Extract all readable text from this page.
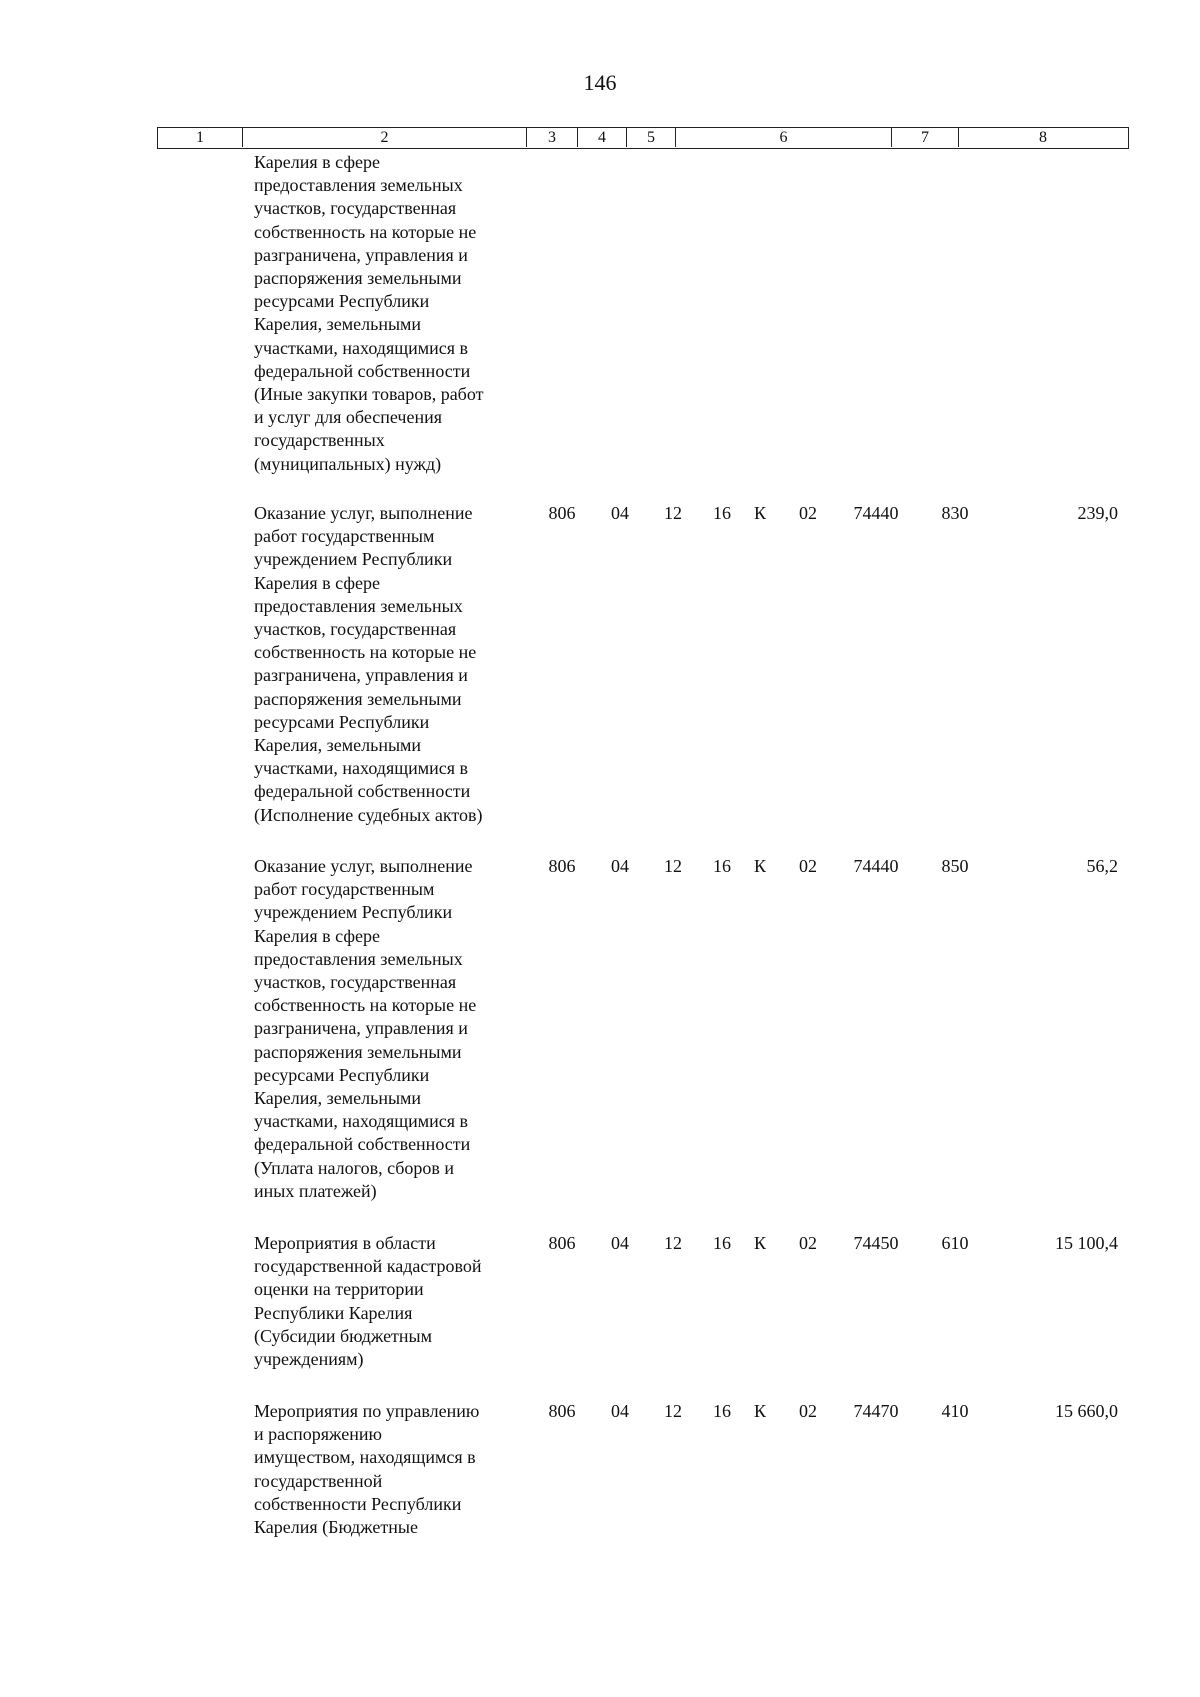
146
1	2	3	4	5	6	7	8
Карелия в сфере
предоставления земельных
участков, государственная
собственность на которые не
разграничена, управления и
распоряжения земельными
ресурсами Республики
Карелия, земельными
участками, находящимися в
федеральной собственности
(Иные закупки товаров, работ
и услуг для обеспечения
государственных
(муниципальных) нужд)
Оказание услуг, выполнение
работ государственным
учреждением Республики
Карелия в сфере
предоставления земельных
участков, государственная
собственность на которые не
разграничена, управления и
распоряжения земельными
ресурсами Республики
Карелия, земельными
участками, находящимися в
федеральной собственности
(Исполнение судебных актов)
806	04	12 16 К 02	74440	830	239,0
Оказание услуг, выполнение
работ государственным
учреждением Республики
Карелия в сфере
предоставления земельных
участков, государственная
собственность на которые не
разграничена, управления и
распоряжения земельными
ресурсами Республики
Карелия, земельными
участками, находящимися в
федеральной собственности
(Уплата налогов, сборов и
иных платежей)
806	04	12 16 К 02	74440	850	56,2
Мероприятия в области
государственной кадастровой
оценки на территории
Республики Карелия
(Субсидии бюджетным
учреждениям)
806	04	12 16 К 02	74450	610	15 100,4
Мероприятия по управлению
и распоряжению
имуществом, находящимся в
государственной
собственности Республики
Карелия (Бюджетные
806	04	12 16 К 02	74470	410	15 660,0
